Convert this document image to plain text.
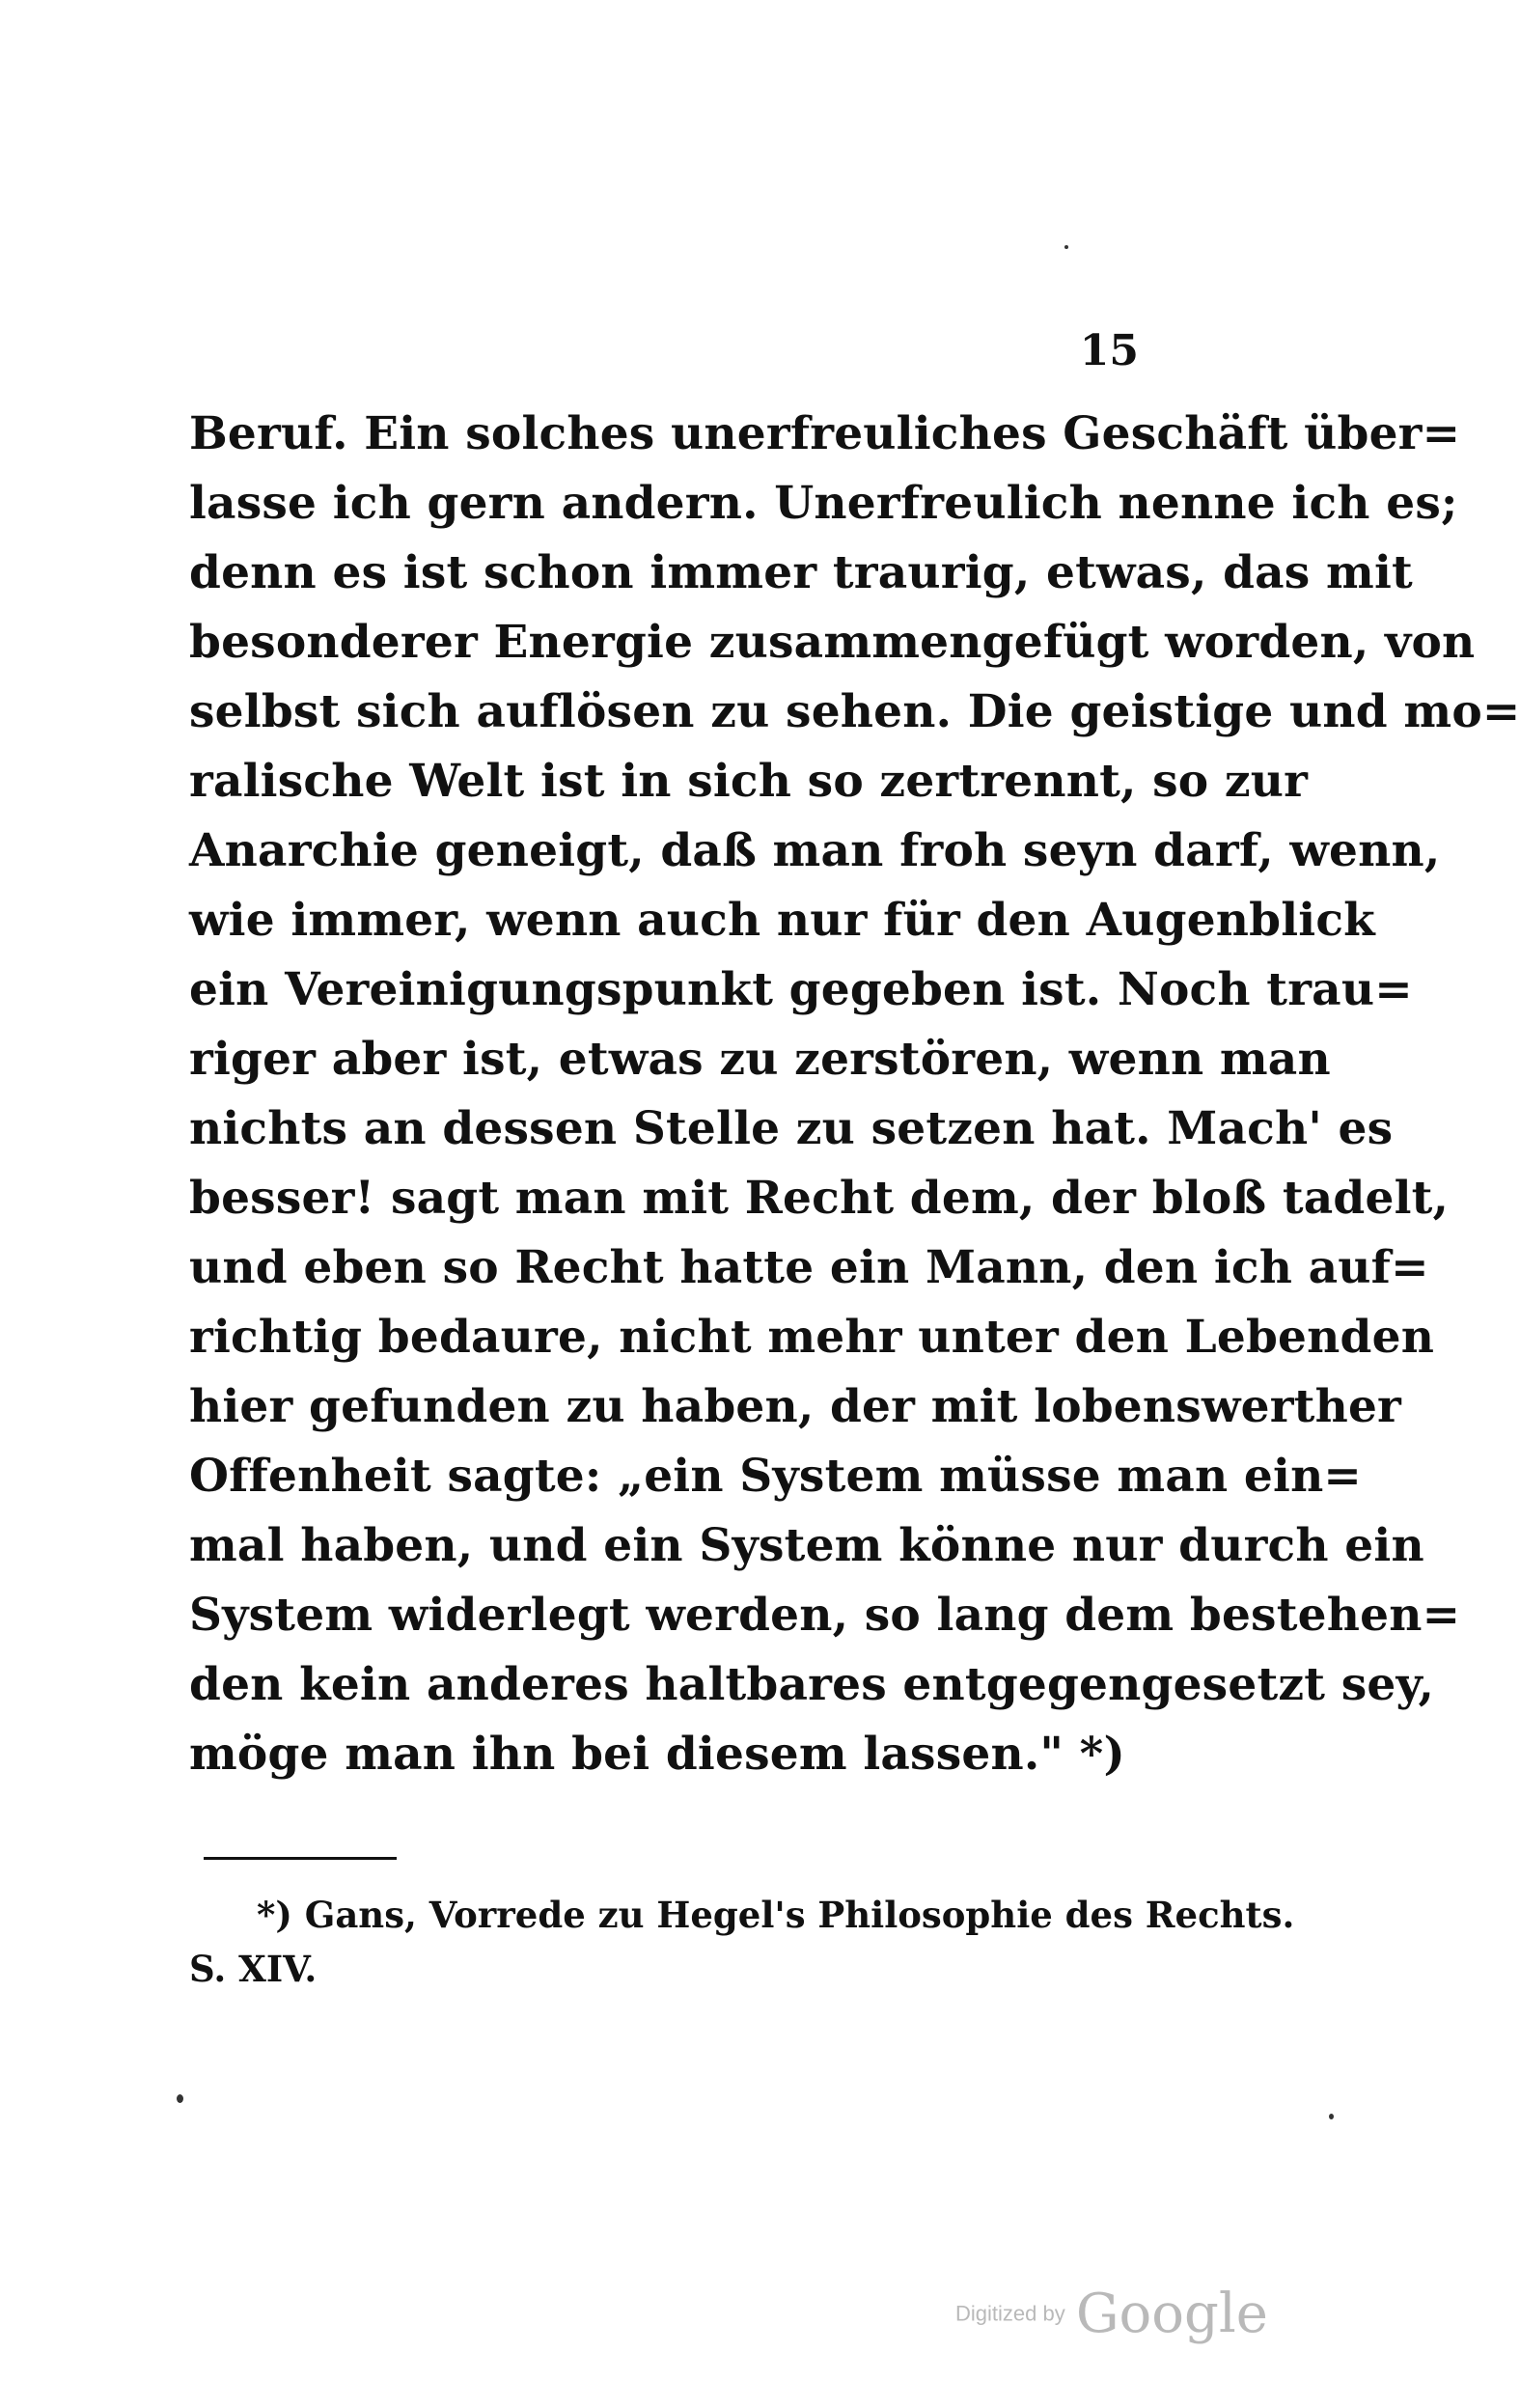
15
Beruf. Ein solches unerfreuliches Geschäft über=
lasse ich gern andern. Unerfreulich nenne ich es;
denn es ist schon immer traurig, etwas, das mit
besonderer Energie zusammengefügt worden, von
selbst sich auflösen zu sehen. Die geistige und mo=
ralische Welt ist in sich so zertrennt, so zur
Anarchie geneigt, daß man froh seyn darf, wenn,
wie immer, wenn auch nur für den Augenblick
ein Vereinigungspunkt gegeben ist. Noch trau=
riger aber ist, etwas zu zerstören, wenn man
nichts an dessen Stelle zu setzen hat. Mach' es
besser! sagt man mit Recht dem, der bloß tadelt,
und eben so Recht hatte ein Mann, den ich auf=
richtig bedaure, nicht mehr unter den Lebenden
hier gefunden zu haben, der mit lobenswerther
Offenheit sagte: „ein System müsse man ein=
mal haben, und ein System könne nur durch ein
System widerlegt werden, so lang dem bestehen=
den kein anderes haltbares entgegengesetzt sey,
möge man ihn bei diesem lassen." *)
*) Gans, Vorrede zu Hegel's Philosophie des Rechts.
S. XIV.
Digitized by Google
